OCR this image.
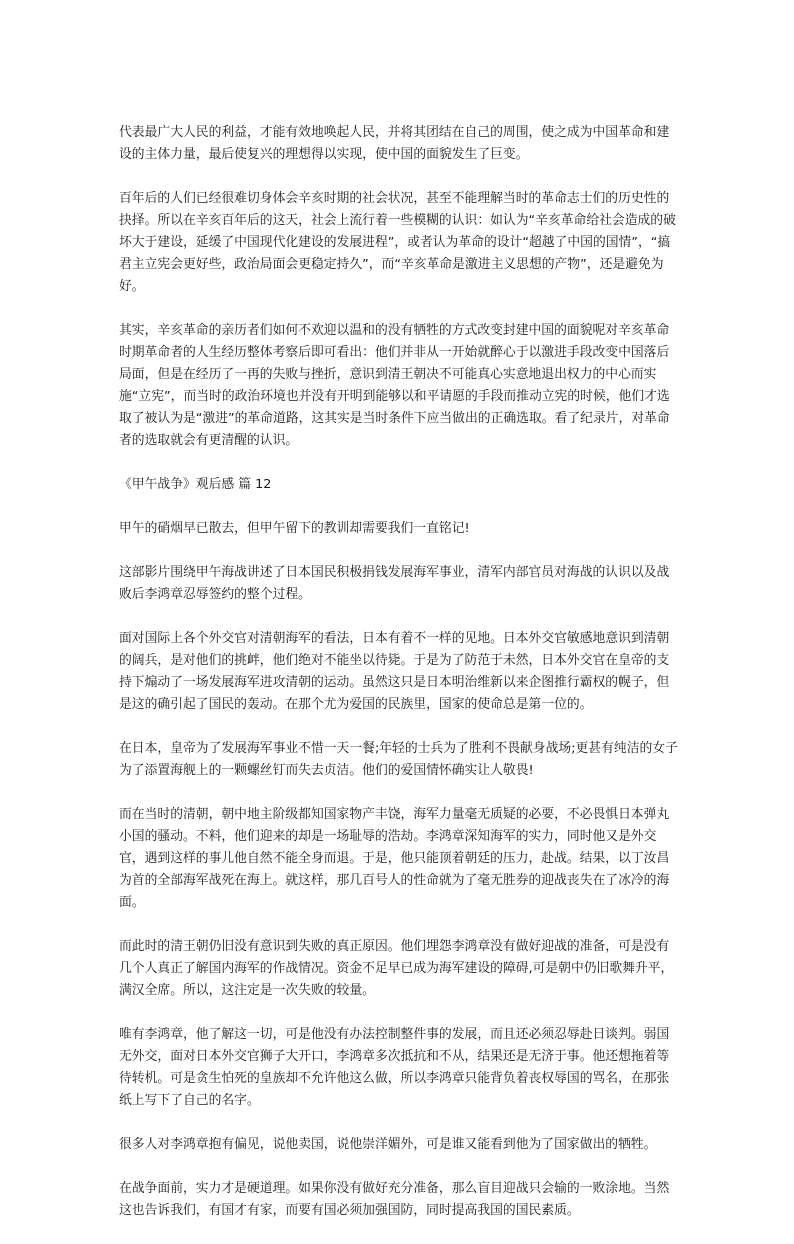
代表最广大人民的利益，才能有效地唤起人民，并将其团结在自己的周围，使之成为中国革命和建设的主体力量，最后使复兴的理想得以实现，使中国的面貌发生了巨变。

百年后的人们已经很难切身体会辛亥时期的社会状况，甚至不能理解当时的革命志士们的历史性的抉择。所以在辛亥百年后的这天，社会上流行着一些模糊的认识：如认为“辛亥革命给社会造成的破坏大于建设，延缓了中国现代化建设的发展进程”，或者认为革命的设计“超越了中国的国情”，“搞君主立宪会更好些，政治局面会更稳定持久”，而“辛亥革命是激进主义思想的产物”，还是避免为好。

其实，辛亥革命的亲历者们如何不欢迎以温和的没有牺牲的方式改变封建中国的面貌呢对辛亥革命时期革命者的人生经历整体考察后即可看出：他们并非从一开始就醉心于以激进手段改变中国落后局面，但是在经历了一再的失败与挫折，意识到清王朝决不可能真心实意地退出权力的中心而实施“立宪”，而当时的政治环境也并没有开明到能够以和平请愿的手段而推动立宪的时候，他们才选取了被认为是“激进”的革命道路，这其实是当时条件下应当做出的正确选取。看了纪录片，对革命者的选取就会有更清醒的认识。

《甲午战争》观后感 篇 12

甲午的硝烟早已散去，但甲午留下的教训却需要我们一直铭记!

这部影片围绕甲午海战讲述了日本国民积极捐钱发展海军事业，清军内部官员对海战的认识以及战败后李鸿章忍辱签约的整个过程。

面对国际上各个外交官对清朝海军的看法，日本有着不一样的见地。日本外交官敏感地意识到清朝的阔兵，是对他们的挑衅，他们绝对不能坐以待毙。于是为了防范于未然，日本外交官在皇帝的支持下煽动了一场发展海军进攻清朝的运动。虽然这只是日本明治维新以来企图推行霸权的幌子，但是这的确引起了国民的轰动。在那个尤为爱国的民族里，国家的使命总是第一位的。

在日本，皇帝为了发展海军事业不惜一天一餐;年轻的士兵为了胜利不畏献身战场;更甚有纯洁的女子为了添置海舰上的一颗螺丝钉而失去贞洁。他们的爱国情怀确实让人敬畏!

而在当时的清朝，朝中地主阶级都知国家物产丰饶，海军力量毫无质疑的必要，不必畏惧日本弹丸小国的骚动。不料，他们迎来的却是一场耻辱的浩劫。李鸿章深知海军的实力，同时他又是外交官，遇到这样的事儿他自然不能全身而退。于是，他只能顶着朝廷的压力，赴战。结果，以丁汝昌为首的全部海军战死在海上。就这样，那几百号人的性命就为了毫无胜券的迎战丧失在了冰冷的海面。

而此时的清王朝仍旧没有意识到失败的真正原因。他们埋怨李鸿章没有做好迎战的准备，可是没有几个人真正了解国内海军的作战情况。资金不足早已成为海军建设的障碍,可是朝中仍旧歌舞升平，满汉全席。所以，这注定是一次失败的较量。

唯有李鸿章，他了解这一切，可是他没有办法控制整件事的发展，而且还必须忍辱赴日谈判。弱国无外交，面对日本外交官狮子大开口，李鸿章多次抵抗和不从，结果还是无济于事。他还想拖着等待转机。可是贪生怕死的皇族却不允许他这么做，所以李鸿章只能背负着丧权辱国的骂名，在那张纸上写下了自己的名字。

很多人对李鸿章抱有偏见，说他卖国，说他崇洋媚外，可是谁又能看到他为了国家做出的牺牲。

在战争面前，实力才是硬道理。如果你没有做好充分准备，那么盲目迎战只会输的一败涂地。当然这也告诉我们，有国才有家，而要有国必须加强国防，同时提高我国的国民素质。
